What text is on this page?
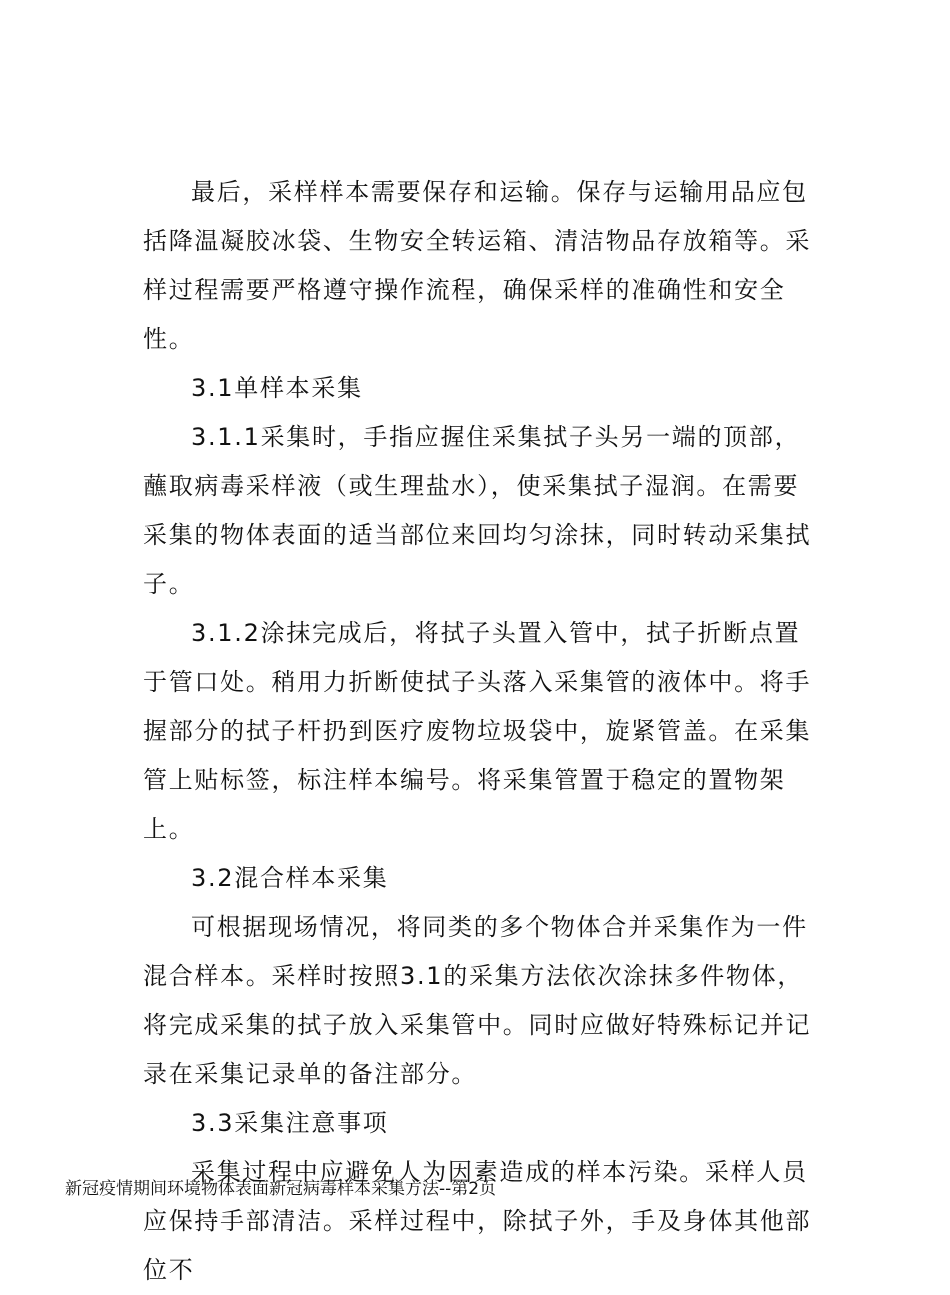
最后，采样样本需要保存和运输。保存与运输用品应包括降温凝胶冰袋、生物安全转运箱、清洁物品存放箱等。采样过程需要严格遵守操作流程，确保采样的准确性和安全性。

3.1单样本采集

3.1.1采集时，手指应握住采集拭子头另一端的顶部，蘸取病毒采样液（或生理盐水），使采集拭子湿润。在需要采集的物体表面的适当部位来回均匀涂抹，同时转动采集拭子。

3.1.2涂抹完成后，将拭子头置入管中，拭子折断点置于管口处。稍用力折断使拭子头落入采集管的液体中。将手握部分的拭子杆扔到医疗废物垃圾袋中，旋紧管盖。在采集管上贴标签，标注样本编号。将采集管置于稳定的置物架上。

3.2混合样本采集

可根据现场情况，将同类的多个物体合并采集作为一件混合样本。采样时按照3.1的采集方法依次涂抹多件物体，将完成采集的拭子放入采集管中。同时应做好特殊标记并记录在采集记录单的备注部分。

3.3采集注意事项

采集过程中应避免人为因素造成的样本污染。采样人员应保持手部清洁。采样过程中，除拭子外，手及身体其他部位不

新冠疫情期间环境物体表面新冠病毒样本采集方法--第2页
